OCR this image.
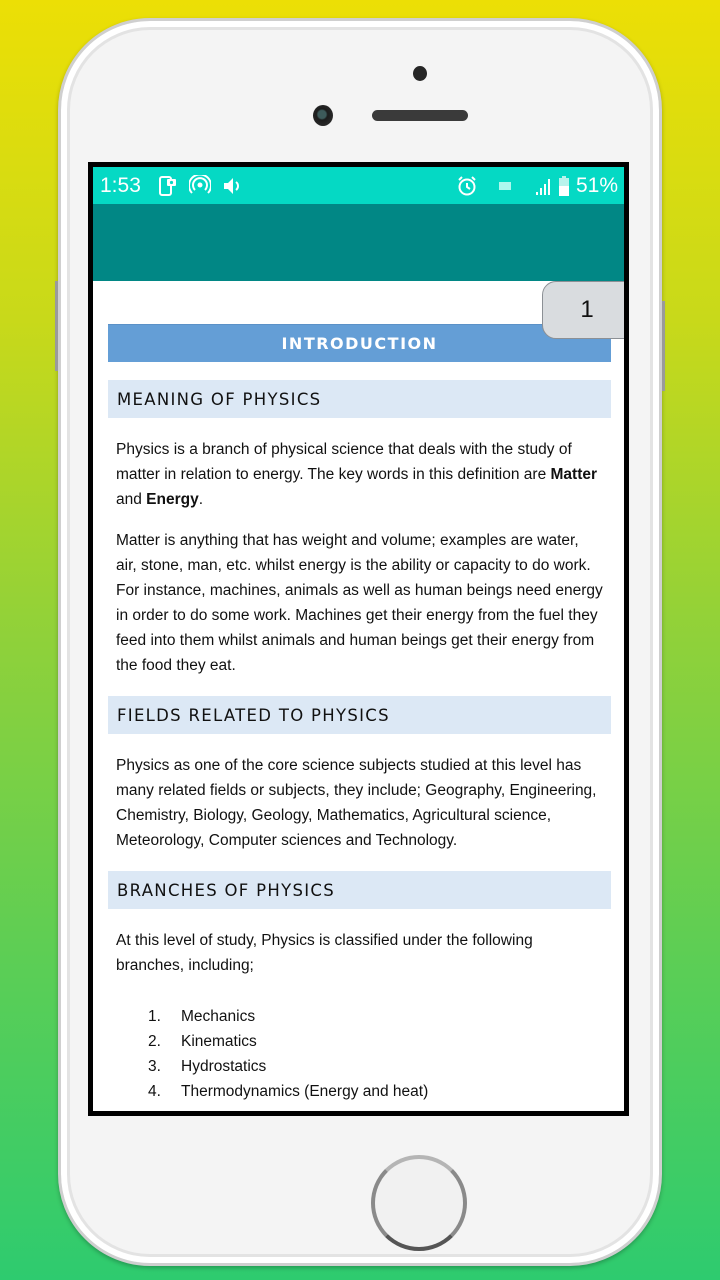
1:53	51%
1
INTRODUCTION
MEANING OF PHYSICS

Physics is a branch of physical science that deals with the study of matter in relation to energy. The key words in this definition are Matter and Energy.

Matter is anything that has weight and volume; examples are water, air, stone, man, etc. whilst energy is the ability or capacity to do work. For instance, machines, animals as well as human beings need energy in order to do some work. Machines get their energy from the fuel they feed into them whilst animals and human beings get their energy from the food they eat.

FIELDS RELATED TO PHYSICS

Physics as one of the core science subjects studied at this level has many related fields or subjects, they include; Geography, Engineering, Chemistry, Biology, Geology, Mathematics, Agricultural science, Meteorology, Computer sciences and Technology.

BRANCHES OF PHYSICS

At this level of study, Physics is classified under the following branches, including;

1.	Mechanics
2.	Kinematics
3.	Hydrostatics
4.	Thermodynamics (Energy and heat)
